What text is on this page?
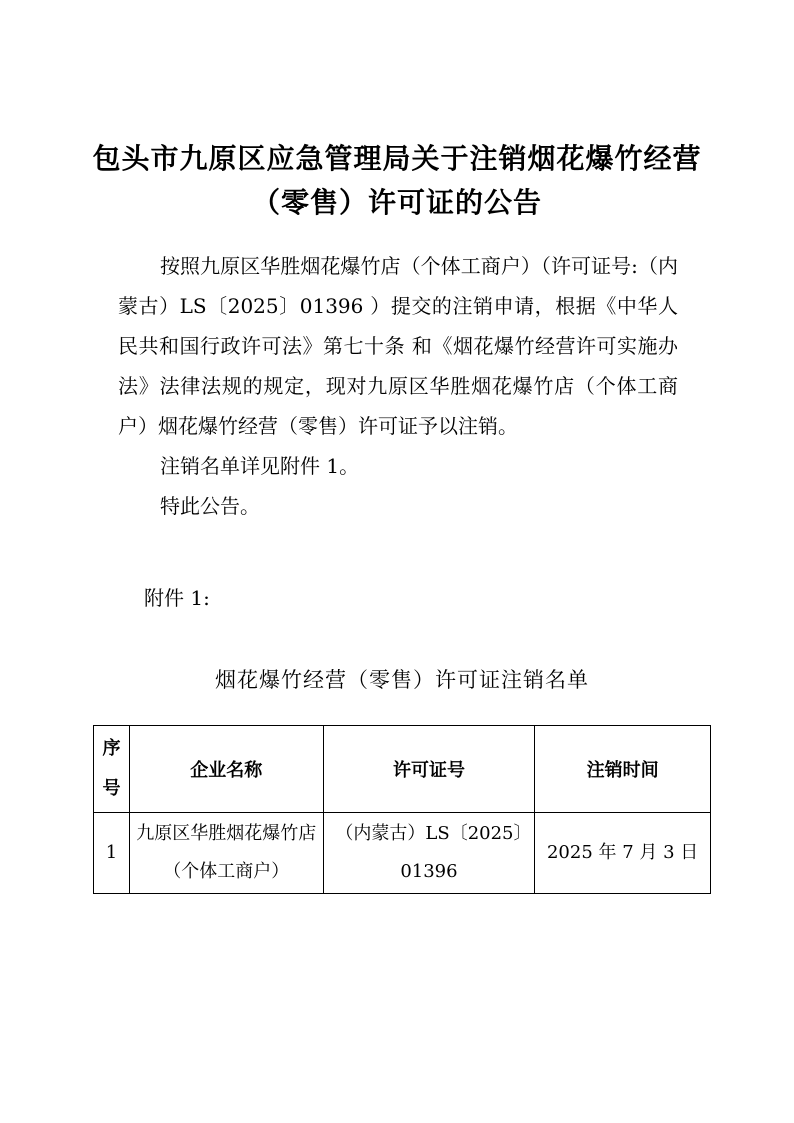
包头市九原区应急管理局关于注销烟花爆竹经营（零售）许可证的公告

按照九原区华胜烟花爆竹店（个体工商户）（许可证号:（内蒙古）LS〔2025〕01396 ）提交的注销申请，根据《中华人民共和国行政许可法》第七十条 和《烟花爆竹经营许可实施办法》法律法规的规定，现对九原区华胜烟花爆竹店（个体工商户）烟花爆竹经营（零售）许可证予以注销。

注销名单详见附件 1。

特此公告。

附件 1:
烟花爆竹经营（零售）许可证注销名单
序号	企业名称	许可证号	注销时间
1	九原区华胜烟花爆竹店（个体工商户）	（内蒙古）LS〔2025〕01396	2025 年 7 月 3 日
